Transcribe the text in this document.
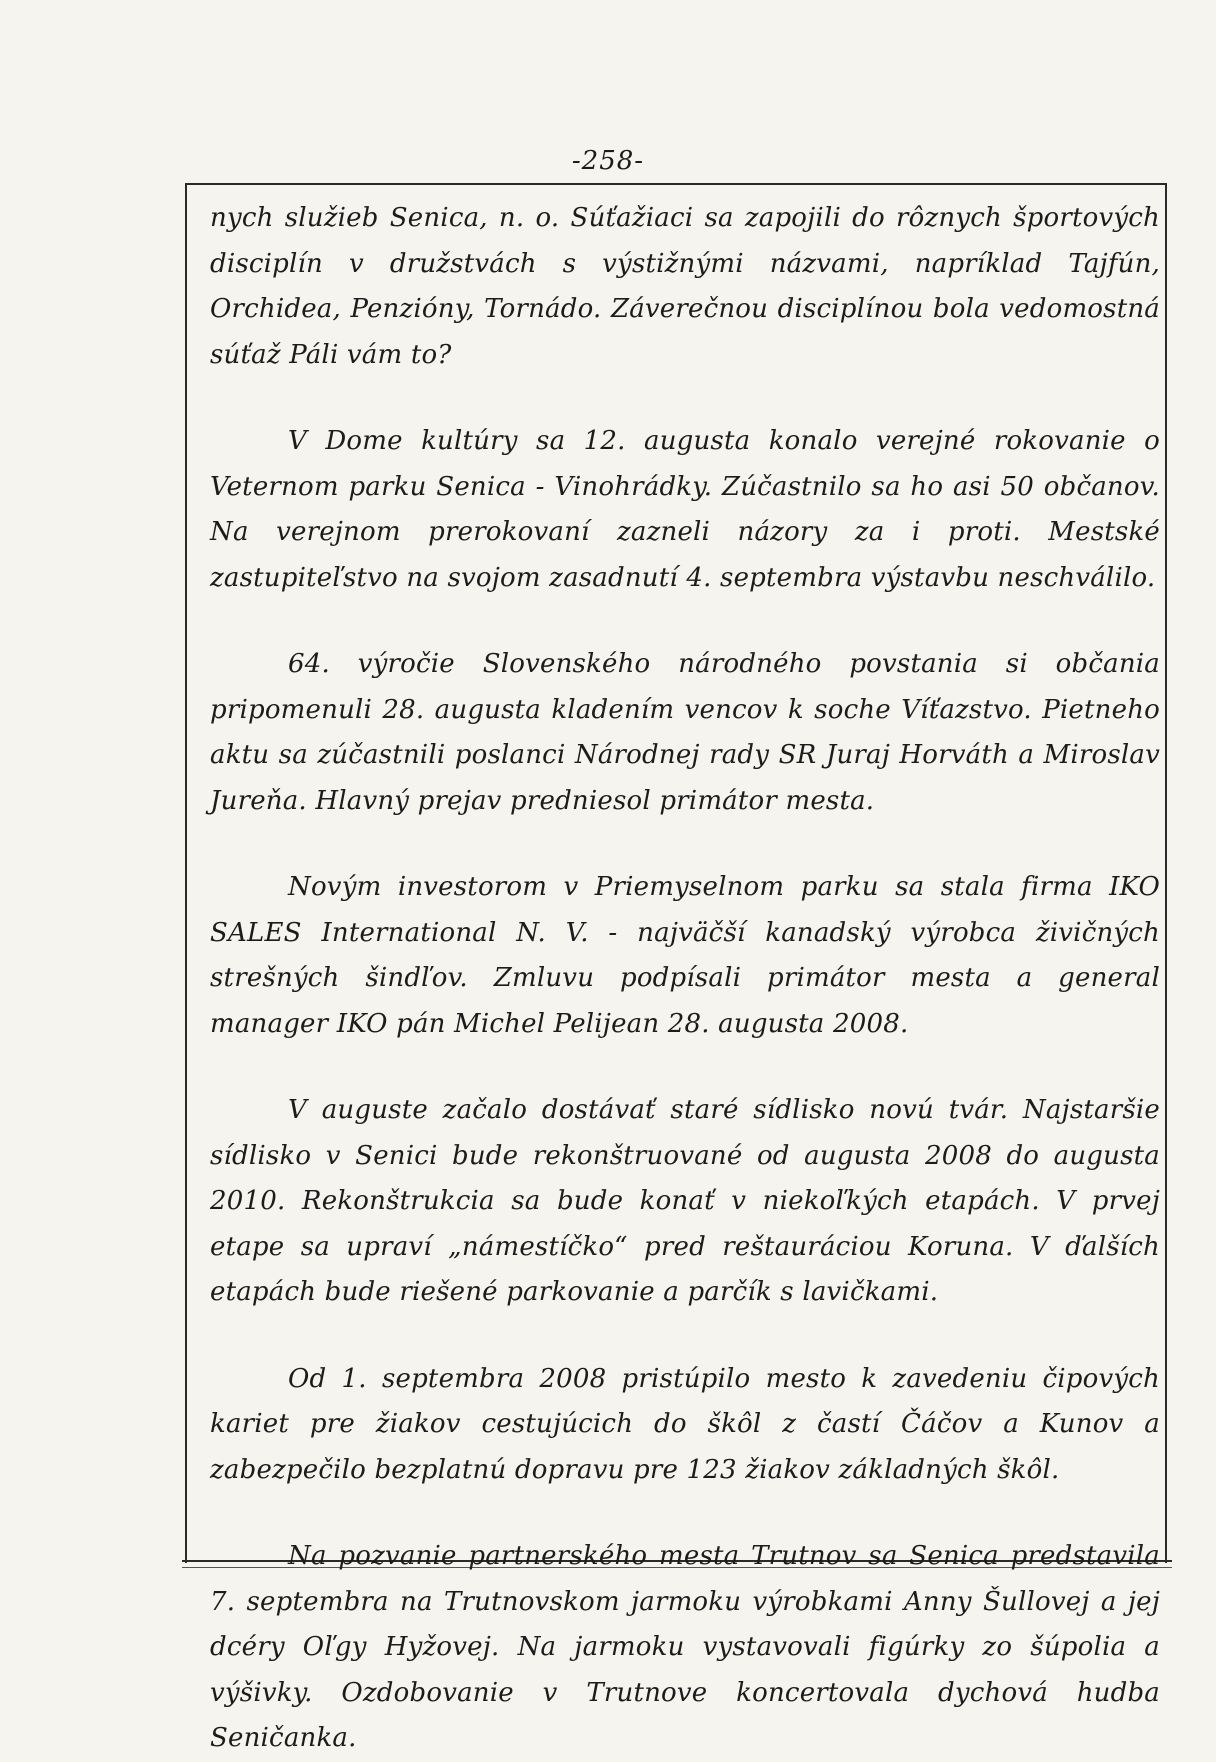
-258-

nych služieb Senica, n. o. Súťažiaci sa zapojili do rôznych športových disciplín v družstvách s výstižnými názvami, napríklad Tajfún, Orchidea, Penzióny, Tornádo. Záverečnou disciplínou bola vedomostná súťaž Páli vám to?

V Dome kultúry sa 12. augusta konalo verejné rokovanie o Veternom parku Senica - Vinohrádky. Zúčastnilo sa ho asi 50 občanov. Na verejnom prerokovaní zazneli názory za i proti. Mestské zastupiteľstvo na svojom zasadnutí 4. septembra výstavbu neschválilo.

64. výročie Slovenského národného povstania si občania pripomenuli 28. augusta kladením vencov k soche Víťazstvo. Pietneho aktu sa zúčastnili poslanci Národnej rady SR Juraj Horváth a Miroslav Jureňa. Hlavný prejav predniesol primátor mesta.

Novým investorom v Priemyselnom parku sa stala firma IKO SALES International N. V. - najväčší kanadský výrobca živičných strešných šindľov. Zmluvu podpísali primátor mesta a general manager IKO pán Michel Pelijean 28. augusta 2008.

V auguste začalo dostávať staré sídlisko novú tvár. Najstaršie sídlisko v Senici bude rekonštruované od augusta 2008 do augusta 2010. Rekonštrukcia sa bude konať v niekoľkých etapách. V prvej etape sa upraví „námestíčko“ pred reštauráciou Koruna. V ďalších etapách bude riešené parkovanie a parčík s lavičkami.

Od 1. septembra 2008 pristúpilo mesto k zavedeniu čipových kariet pre žiakov cestujúcich do škôl z častí Čáčov a Kunov a zabezpečilo bezplatnú dopravu pre 123 žiakov základných škôl.

Na pozvanie partnerského mesta Trutnov sa Senica predstavila 7. septembra na Trutnovskom jarmoku výrobkami Anny Šullovej a jej dcéry Oľgy Hyžovej. Na jarmoku vystavovali figúrky zo šúpolia a výšivky. Ozdobovanie v Trutnove koncertovala dychová hudba Seničanka.
